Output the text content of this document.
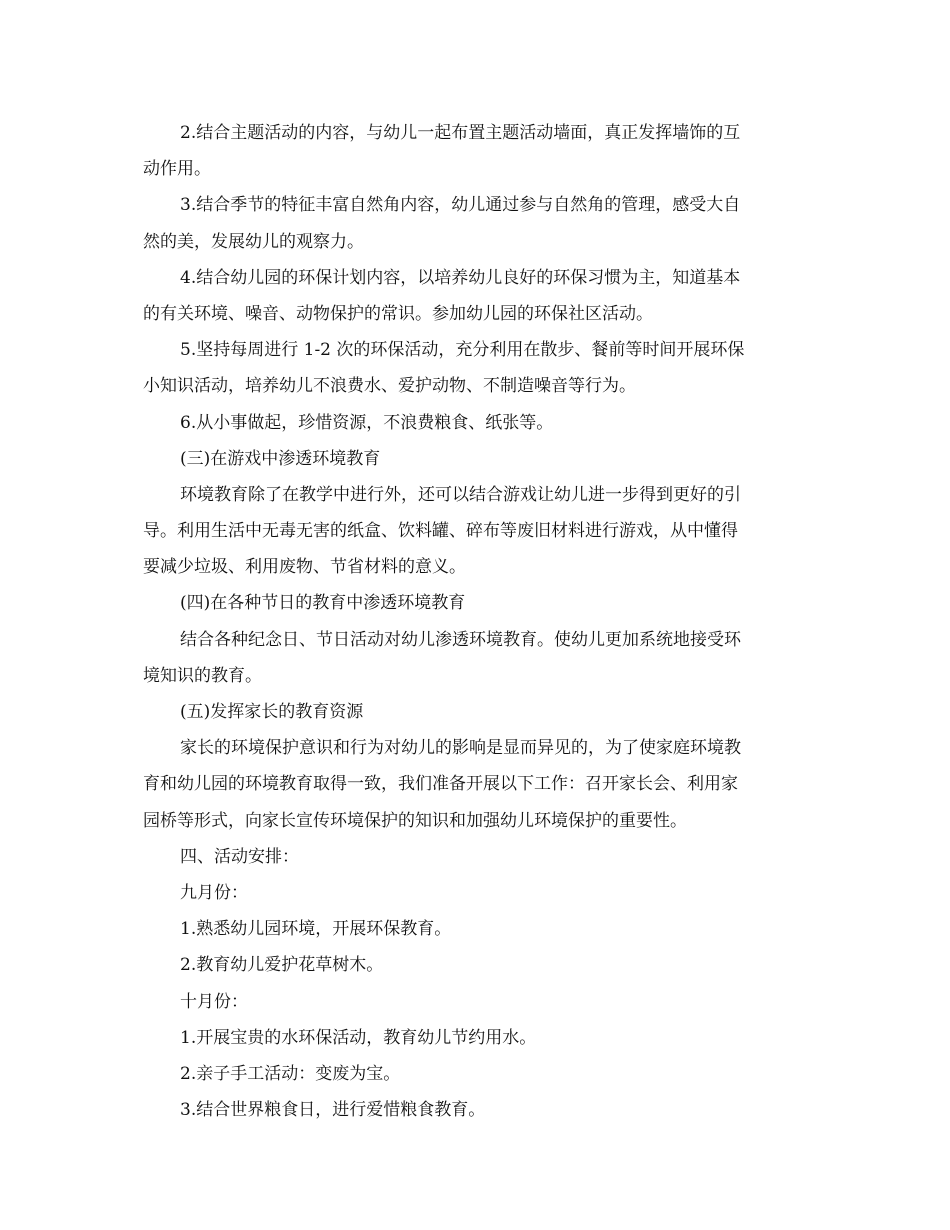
2.结合主题活动的内容，与幼儿一起布置主题活动墙面，真正发挥墙饰的互

动作用。

3.结合季节的特征丰富自然角内容，幼儿通过参与自然角的管理，感受大自

然的美，发展幼儿的观察力。

4.结合幼儿园的环保计划内容，以培养幼儿良好的环保习惯为主，知道基本

的有关环境、噪音、动物保护的常识。参加幼儿园的环保社区活动。

5.坚持每周进行 1-2 次的环保活动，充分利用在散步、餐前等时间开展环保

小知识活动，培养幼儿不浪费水、爱护动物、不制造噪音等行为。

6.从小事做起，珍惜资源，不浪费粮食、纸张等。

(三)在游戏中渗透环境教育

环境教育除了在教学中进行外，还可以结合游戏让幼儿进一步得到更好的引

导。利用生活中无毒无害的纸盒、饮料罐、碎布等废旧材料进行游戏，从中懂得

要减少垃圾、利用废物、节省材料的意义。

(四)在各种节日的教育中渗透环境教育

结合各种纪念日、节日活动对幼儿渗透环境教育。使幼儿更加系统地接受环

境知识的教育。

(五)发挥家长的教育资源

家长的环境保护意识和行为对幼儿的影响是显而异见的，为了使家庭环境教

育和幼儿园的环境教育取得一致，我们准备开展以下工作：召开家长会、利用家

园桥等形式，向家长宣传环境保护的知识和加强幼儿环境保护的重要性。

四、活动安排：

九月份：

1.熟悉幼儿园环境，开展环保教育。

2.教育幼儿爱护花草树木。

十月份：

1.开展宝贵的水环保活动，教育幼儿节约用水。

2.亲子手工活动：变废为宝。

3.结合世界粮食日，进行爱惜粮食教育。
